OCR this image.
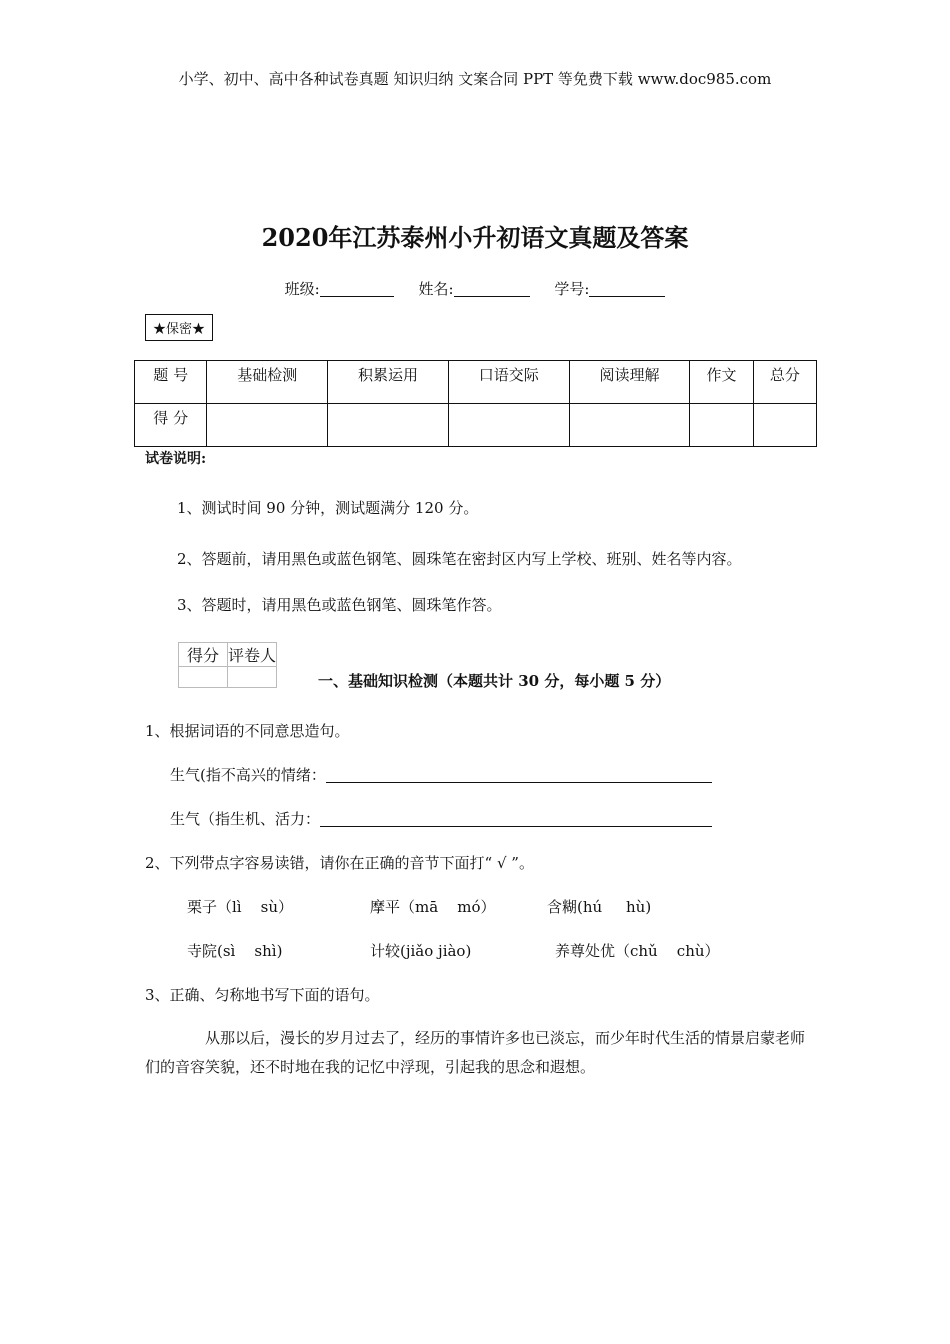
小学、初中、高中各种试卷真题 知识归纳 文案合同 PPT 等免费下载 www.doc985.com
2020年江苏泰州小升初语文真题及答案
班级:	姓名:	学号:
★保密★
题 号	基础检测	积累运用	口语交际	阅读理解	作文	总分
得 分						
试卷说明:
1、测试时间 90 分钟，测试题满分 120 分。
2、答题前，请用黑色或蓝色钢笔、圆珠笔在密封区内写上学校、班别、姓名等内容。
3、答题时，请用黑色或蓝色钢笔、圆珠笔作答。
得分	评卷人

一、基础知识检测（本题共计 30 分，每小题 5 分）
1、根据词语的不同意思造句。
生气(指不高兴的情绪：
生气（指生机、活力：
2、下列带点字容易读错，请你在正确的音节下面打“ √ ”。
栗子（lì    sù）	摩平（mā    mó）	含糊(hú     hù)
寺院(sì    shì)	计较(jiǎo jiào)	养尊处优（chǔ    chù）
3、正确、匀称地书写下面的语句。
从那以后，漫长的岁月过去了，经历的事情许多也已淡忘，而少年时代生活的情景启蒙老师们的音容笑貌，还不时地在我的记忆中浮现，引起我的思念和遐想。
